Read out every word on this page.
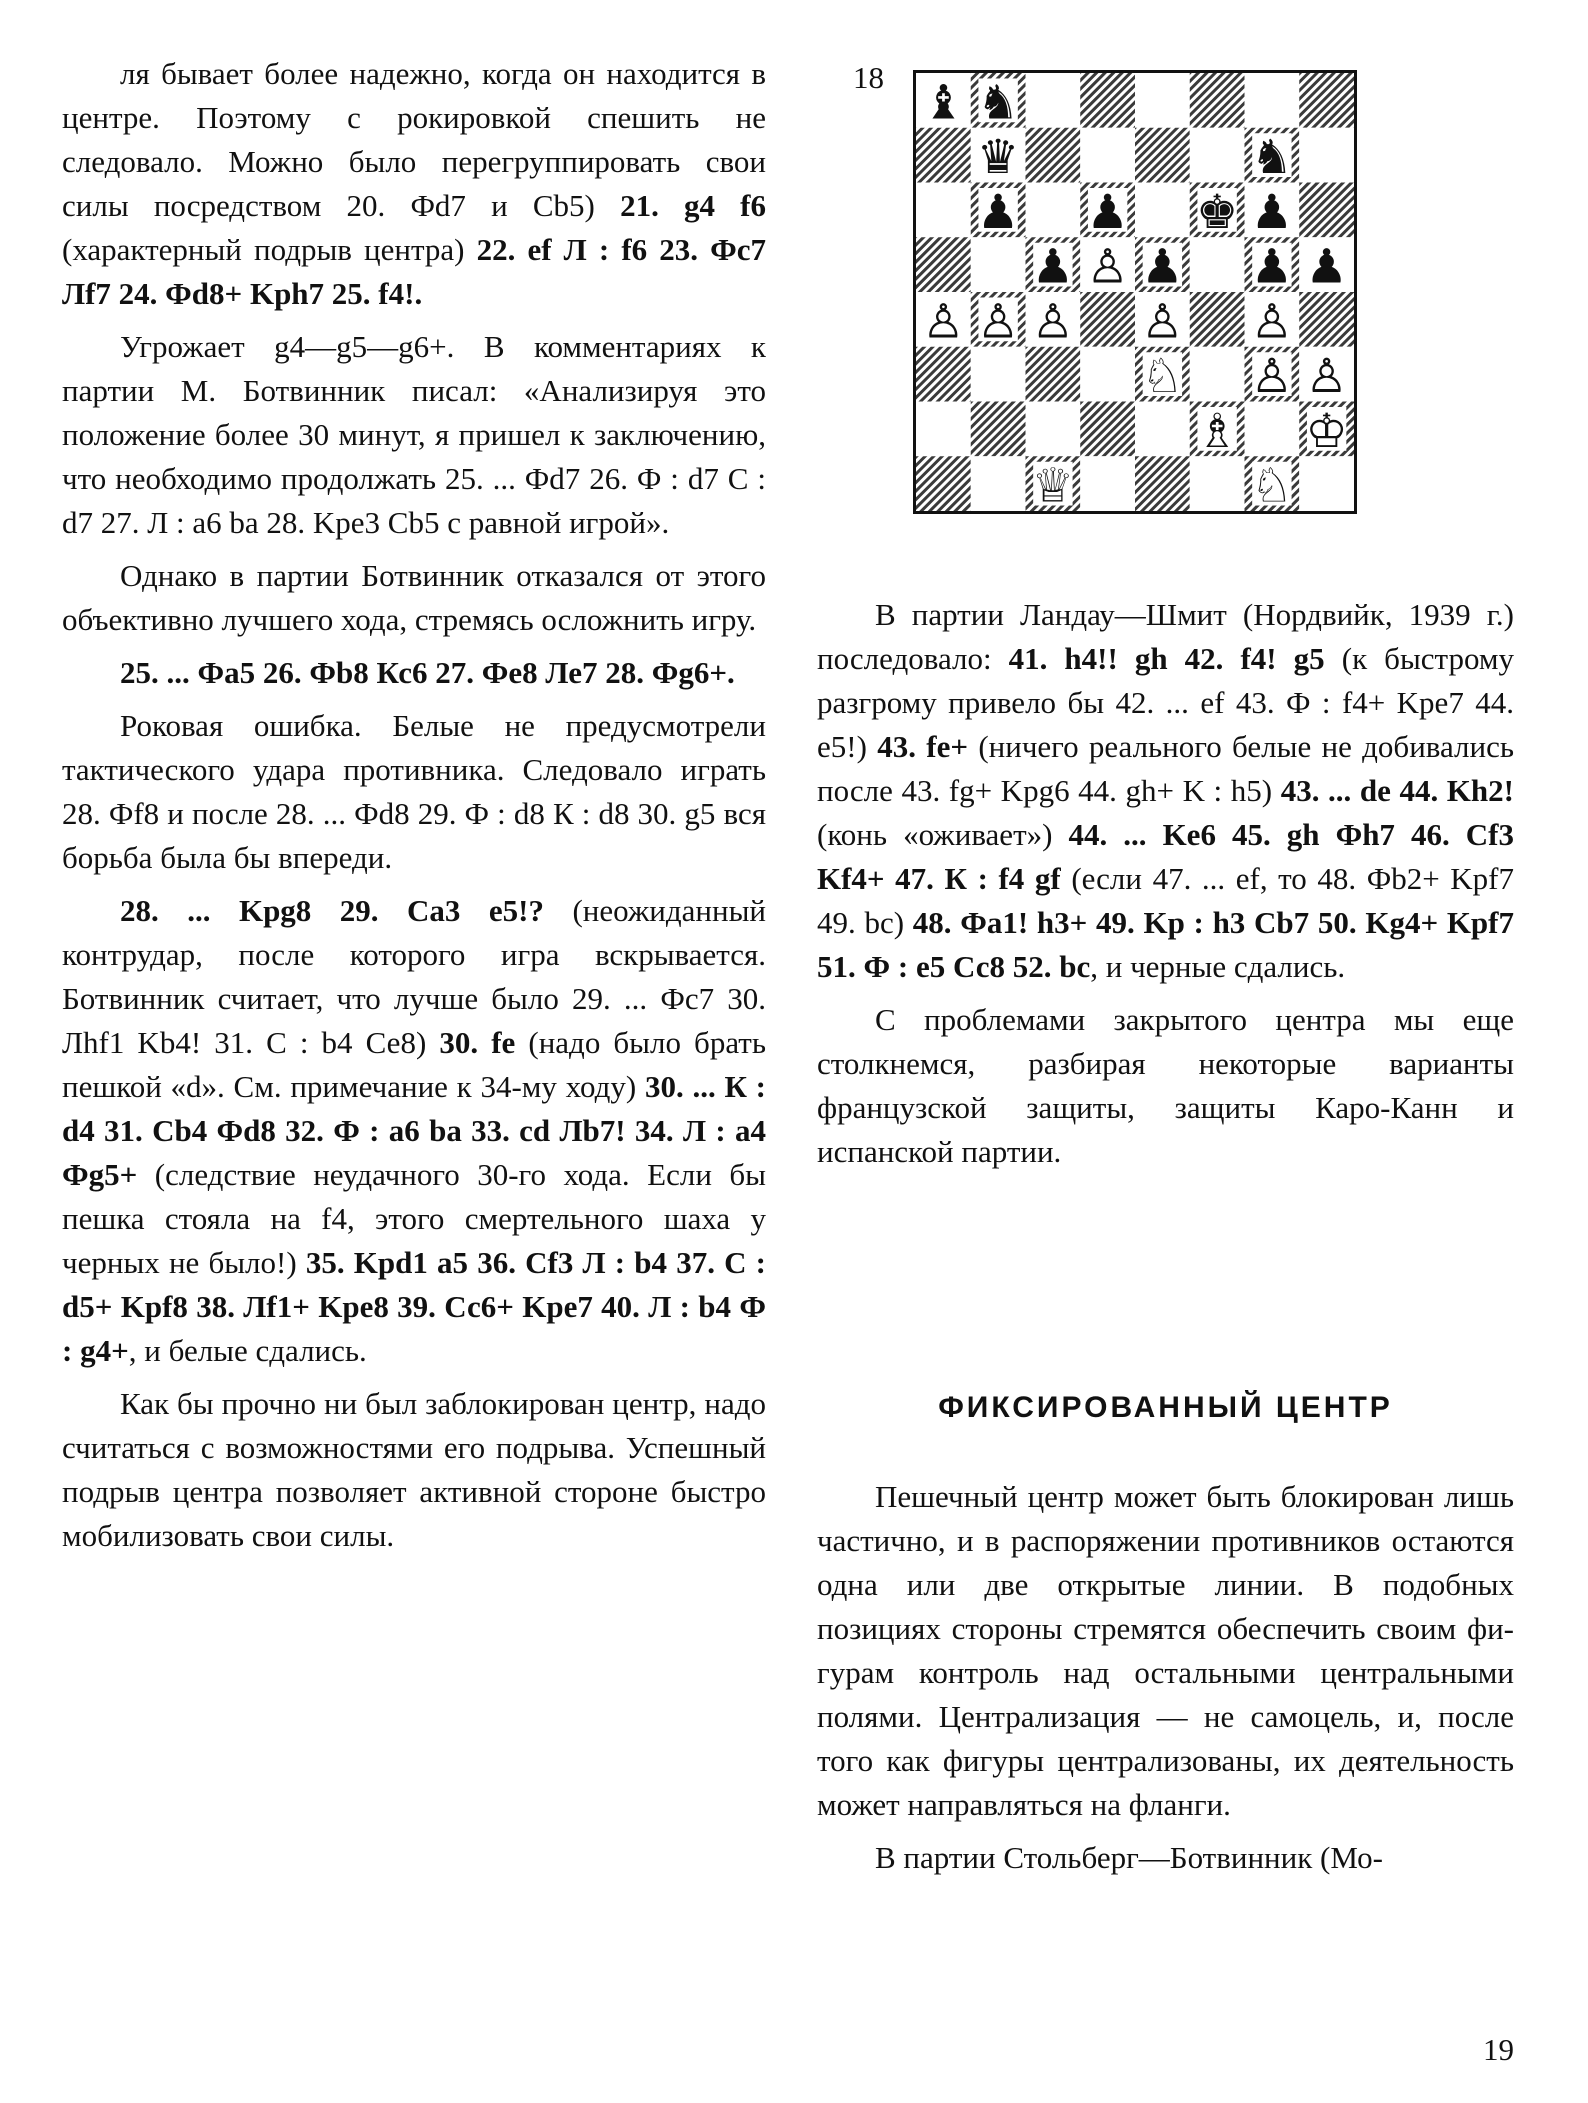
ля бывает более надежно, когда он находится в центре. Поэтому с рокировкой спешить не следовало. Можно было перегруппировать свои силы посредством 20. Фd7 и Сb5) 21. g4 f6 (характерный подрыв центра) 22. ef Л : f6 23. Фс7 Лf7 24. Фd8+ Kph7 25. f4!.

Угрожает g4—g5—g6+. В комментариях к партии М. Ботвинник писал: «Анализируя это положение более 30 минут, я пришел к заключению, что необходимо продолжать 25. ... Фd7 26. Ф : d7 С : d7 27. Л : а6 bа 28. Kpe3 Cb5 с равной игрой».

Однако в партии Ботвинник отказался от этого объективно лучшего хода, стремясь осложнить игру.

25. ... Фа5 26. Фb8 Кс6 27. Фе8 Ле7 28. Фg6+.

Роковая ошибка. Белые не предусмотрели тактического удара противника. Следовало играть 28. Фf8 и после 28. ... Фd8 29. Ф : d8 К : d8 30. g5 вся борьба была бы впереди.

28. ... Kpg8 29. Са3 е5!? (неожиданный контрудар, после которого игра вскрывается. Ботвинник считает, что лучше было 29. ... Фс7 30. Лhf1 Kb4! 31. С : b4 Се8) 30. fe (надо было брать пешкой «d». См. примечание к 34-му ходу) 30. ... К : d4 31. Cb4 Фd8 32. Ф : а6 bа 33. cd Лb7! 34. Л : а4 Фg5+ (следствие неудачного 30-го хода. Если бы пешка стояла на f4, этого смертельного шаха у черных не было!) 35. Kpd1 а5 36. Cf3 Л : b4 37. С : d5+ Kpf8 38. Лf1+ Kpe8 39. Сс6+ Kpe7 40. Л : b4 Ф : g4+, и белые сдались.

Как бы прочно ни был заблокирован центр, надо считаться с возможностями его подрыва. Успешный подрыв центра позволяет активной стороне быстро мобилизовать свои силы.

18 ♝ ♞
♛	♞
♟ ♟ ♚ ♟
♟ ♙ ♟ ♟ ♟
♙ ♙ ♙ ♙ ♙
♘ ♙ ♙
♗ ♔
♕	♘

В партии Ландау—Шмит (Нордвийк, 1939 г.) последовало: 41. h4!! gh 42. f4! g5 (к быстрому разгрому привело бы 42. ... ef 43. Ф : f4+ Kpe7 44. е5!) 43. fe+ (ничего реального белые не добивались после 43. fg+ Kpg6 44. gh+ K : h5) 43. ... de 44. Kh2! (конь «оживает») 44. ... Ke6 45. gh Фh7 46. Cf3 Kf4+ 47. К : f4 gf (если 47. ... ef, то 48. Фb2+ Kpf7 49. bс) 48. Фа1! h3+ 49. Kp : h3 Cb7 50. Kg4+ Kpf7 51. Ф : е5 Сс8 52. bс, и черные сдались.

С проблемами закрытого центра мы еще столкнемся, разбирая некоторые варианты французской защиты, защиты Каро-Канн и испанской партии.

ФИКСИРОВАННЫЙ ЦЕНТР

Пешечный центр может быть блокирован лишь частично, и в распоряжении противников остаются одна или две открытые линии. В подобных позициях стороны стремятся обеспечить своим фигурам контроль над остальными центральными полями. Централизация — не самоцель, и, после того как фигуры централизованы, их деятельность может направляться на фланги.

В партии Стольберг—Ботвинник (Мо-

19
